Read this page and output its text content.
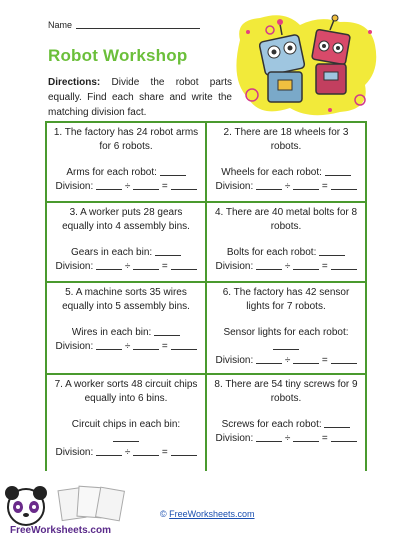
Name
Robot Workshop
Directions: Divide the robot parts equally. Find each share and write the matching division fact.
1. The factory has 24 robot arms for 6 robots.
Arms for each robot:
Division:	÷	=
2. There are 18 wheels for 3 robots.
Wheels for each robot:
Division:	÷	=
3. A worker puts 28 gears equally into 4 assembly bins.
Gears in each bin:
Division:	÷	=
4. There are 40 metal bolts for 8 robots.
Bolts for each robot:
Division:	÷	=
5. A machine sorts 35 wires equally into 5 assembly bins.
Wires in each bin:
Division:	÷	=
6. The factory has 42 sensor lights for 7 robots.
Sensor lights for each robot:

Division:	÷	=
7. A worker sorts 48 circuit chips equally into 6 bins.
Circuit chips in each bin:

Division:	÷	=
8. There are 54 tiny screws for 9 robots.
Screws for each robot:
Division:	÷	=
FreeWorksheets.com
© FreeWorksheets.com
